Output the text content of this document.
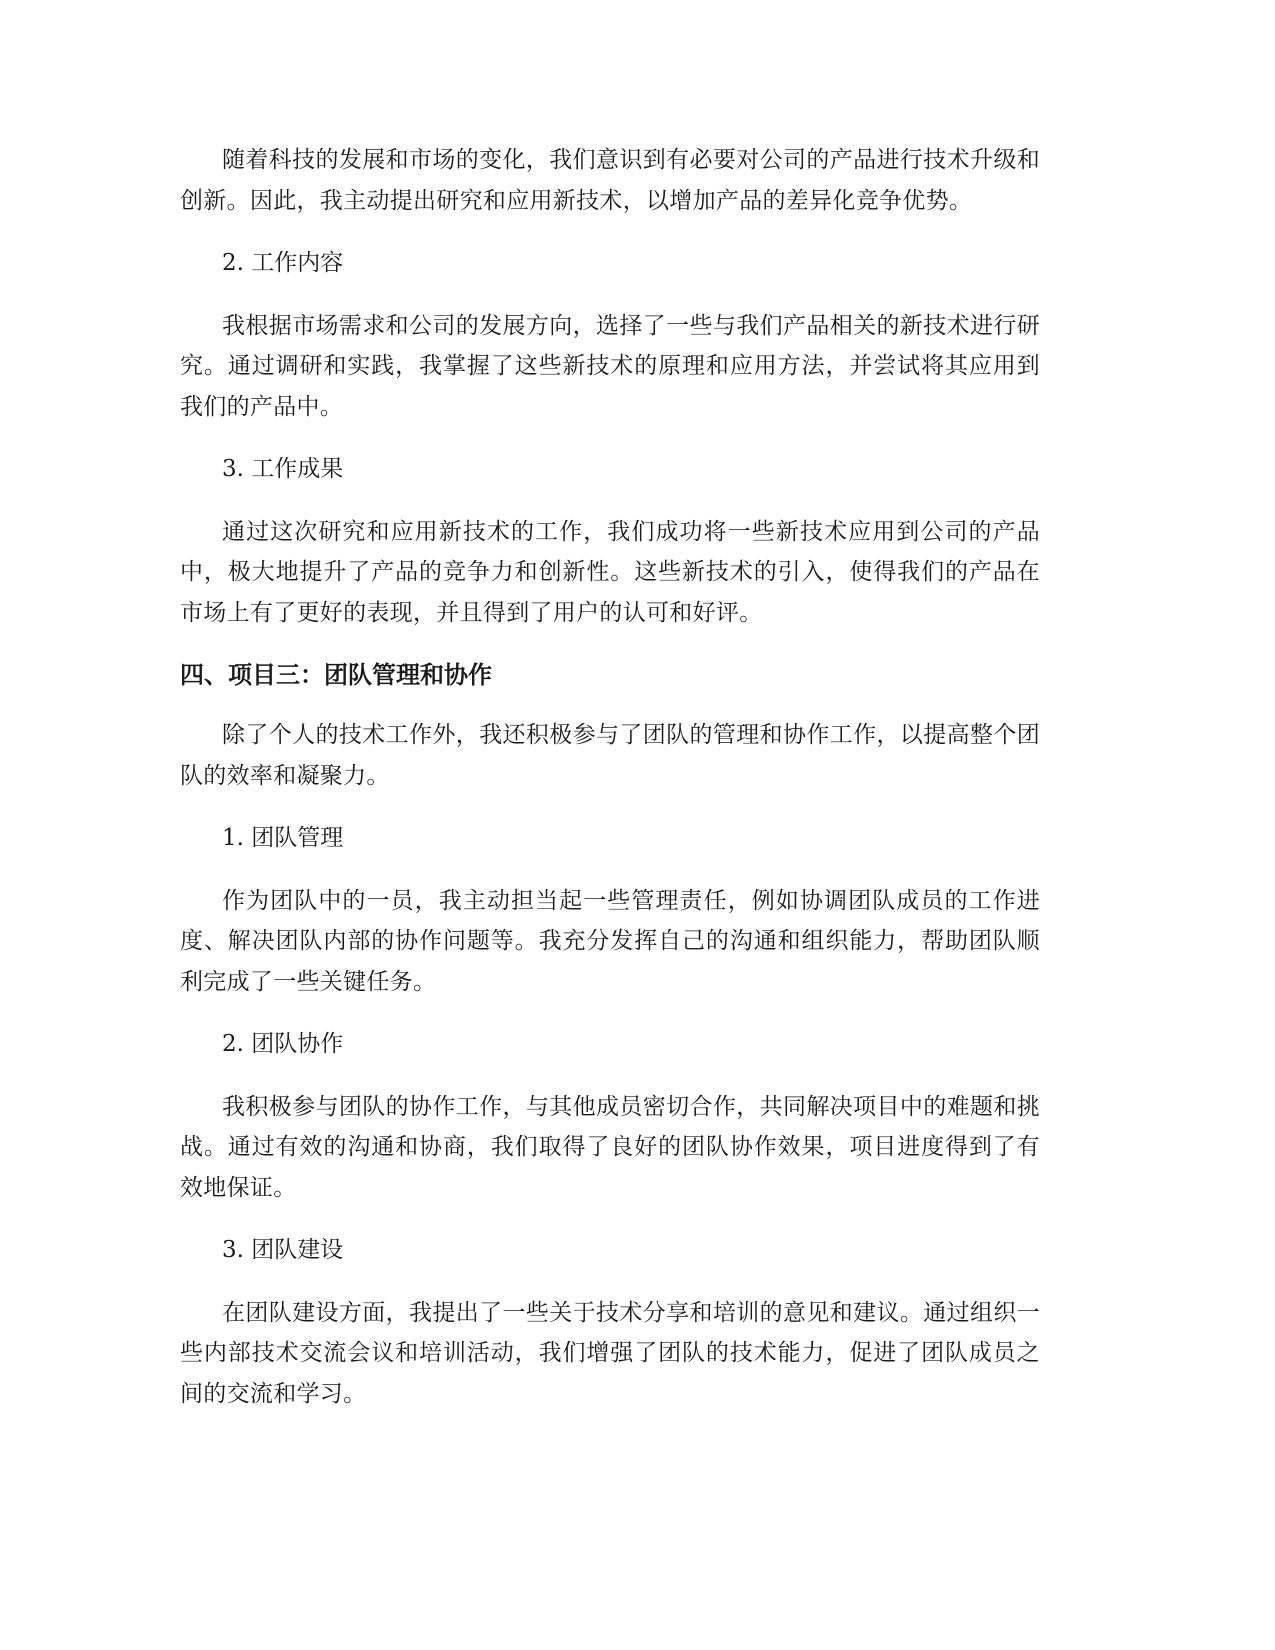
随着科技的发展和市场的变化，我们意识到有必要对公司的产品进行技术升级和创新。因此，我主动提出研究和应用新技术，以增加产品的差异化竞争优势。

2. 工作内容

我根据市场需求和公司的发展方向，选择了一些与我们产品相关的新技术进行研究。通过调研和实践，我掌握了这些新技术的原理和应用方法，并尝试将其应用到我们的产品中。

3. 工作成果

通过这次研究和应用新技术的工作，我们成功将一些新技术应用到公司的产品中，极大地提升了产品的竞争力和创新性。这些新技术的引入，使得我们的产品在市场上有了更好的表现，并且得到了用户的认可和好评。

四、项目三：团队管理和协作

除了个人的技术工作外，我还积极参与了团队的管理和协作工作，以提高整个团队的效率和凝聚力。

1. 团队管理

作为团队中的一员，我主动担当起一些管理责任，例如协调团队成员的工作进度、解决团队内部的协作问题等。我充分发挥自己的沟通和组织能力，帮助团队顺利完成了一些关键任务。

2. 团队协作

我积极参与团队的协作工作，与其他成员密切合作，共同解决项目中的难题和挑战。通过有效的沟通和协商，我们取得了良好的团队协作效果，项目进度得到了有效地保证。

3. 团队建设

在团队建设方面，我提出了一些关于技术分享和培训的意见和建议。通过组织一些内部技术交流会议和培训活动，我们增强了团队的技术能力，促进了团队成员之间的交流和学习。
